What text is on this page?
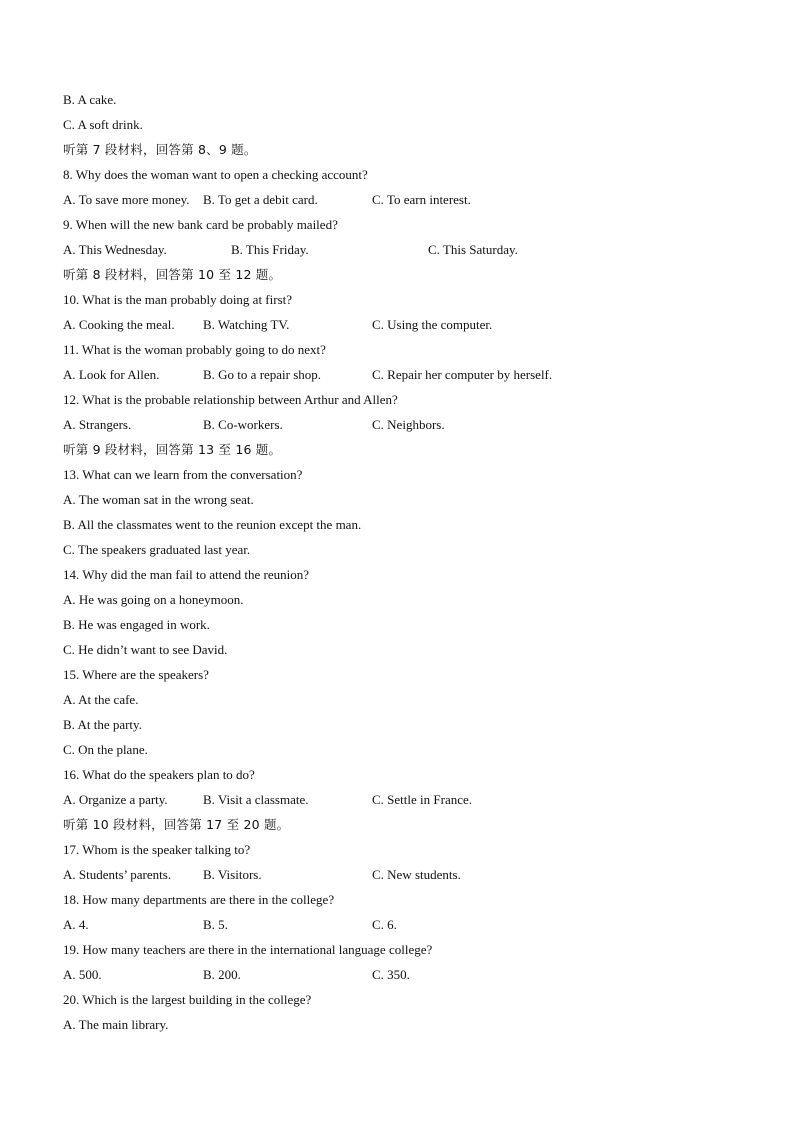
B. A cake.
C. A soft drink.
听第 7 段材料，回答第 8、9 题。
8. Why does the woman want to open a checking account?
A. To save more money. B. To get a debit card.	C. To earn interest.
9. When will the new bank card be probably mailed?
A. This Wednesday.	B. This Friday.	C. This Saturday.
听第 8 段材料，回答第 10 至 12 题。
10. What is the man probably doing at first?
A. Cooking the meal. B. Watching TV.	C. Using the computer.
11. What is the woman probably going to do next?
A. Look for Allen.	B. Go to a repair shop.	C. Repair her computer by herself.
12. What is the probable relationship between Arthur and Allen?
A. Strangers.	B. Co-workers.	C. Neighbors.
听第 9 段材料，回答第 13 至 16 题。
13. What can we learn from the conversation?
A. The woman sat in the wrong seat.
B. All the classmates went to the reunion except the man.
C. The speakers graduated last year.
14. Why did the man fail to attend the reunion?
A. He was going on a honeymoon.
B. He was engaged in work.
C. He didn’t want to see David.
15. Where are the speakers?
A. At the cafe.
B. At the party.
C. On the plane.
16. What do the speakers plan to do?
A. Organize a party.	B. Visit a classmate.	C. Settle in France.
听第 10 段材料，回答第 17 至 20 题。
17. Whom is the speaker talking to?
A. Students’ parents. B. Visitors.	C. New students.
18. How many departments are there in the college?
A. 4.	B. 5.	C. 6.
19. How many teachers are there in the international language college?
A. 500.	B. 200.	C. 350.
20. Which is the largest building in the college?
A. The main library.
